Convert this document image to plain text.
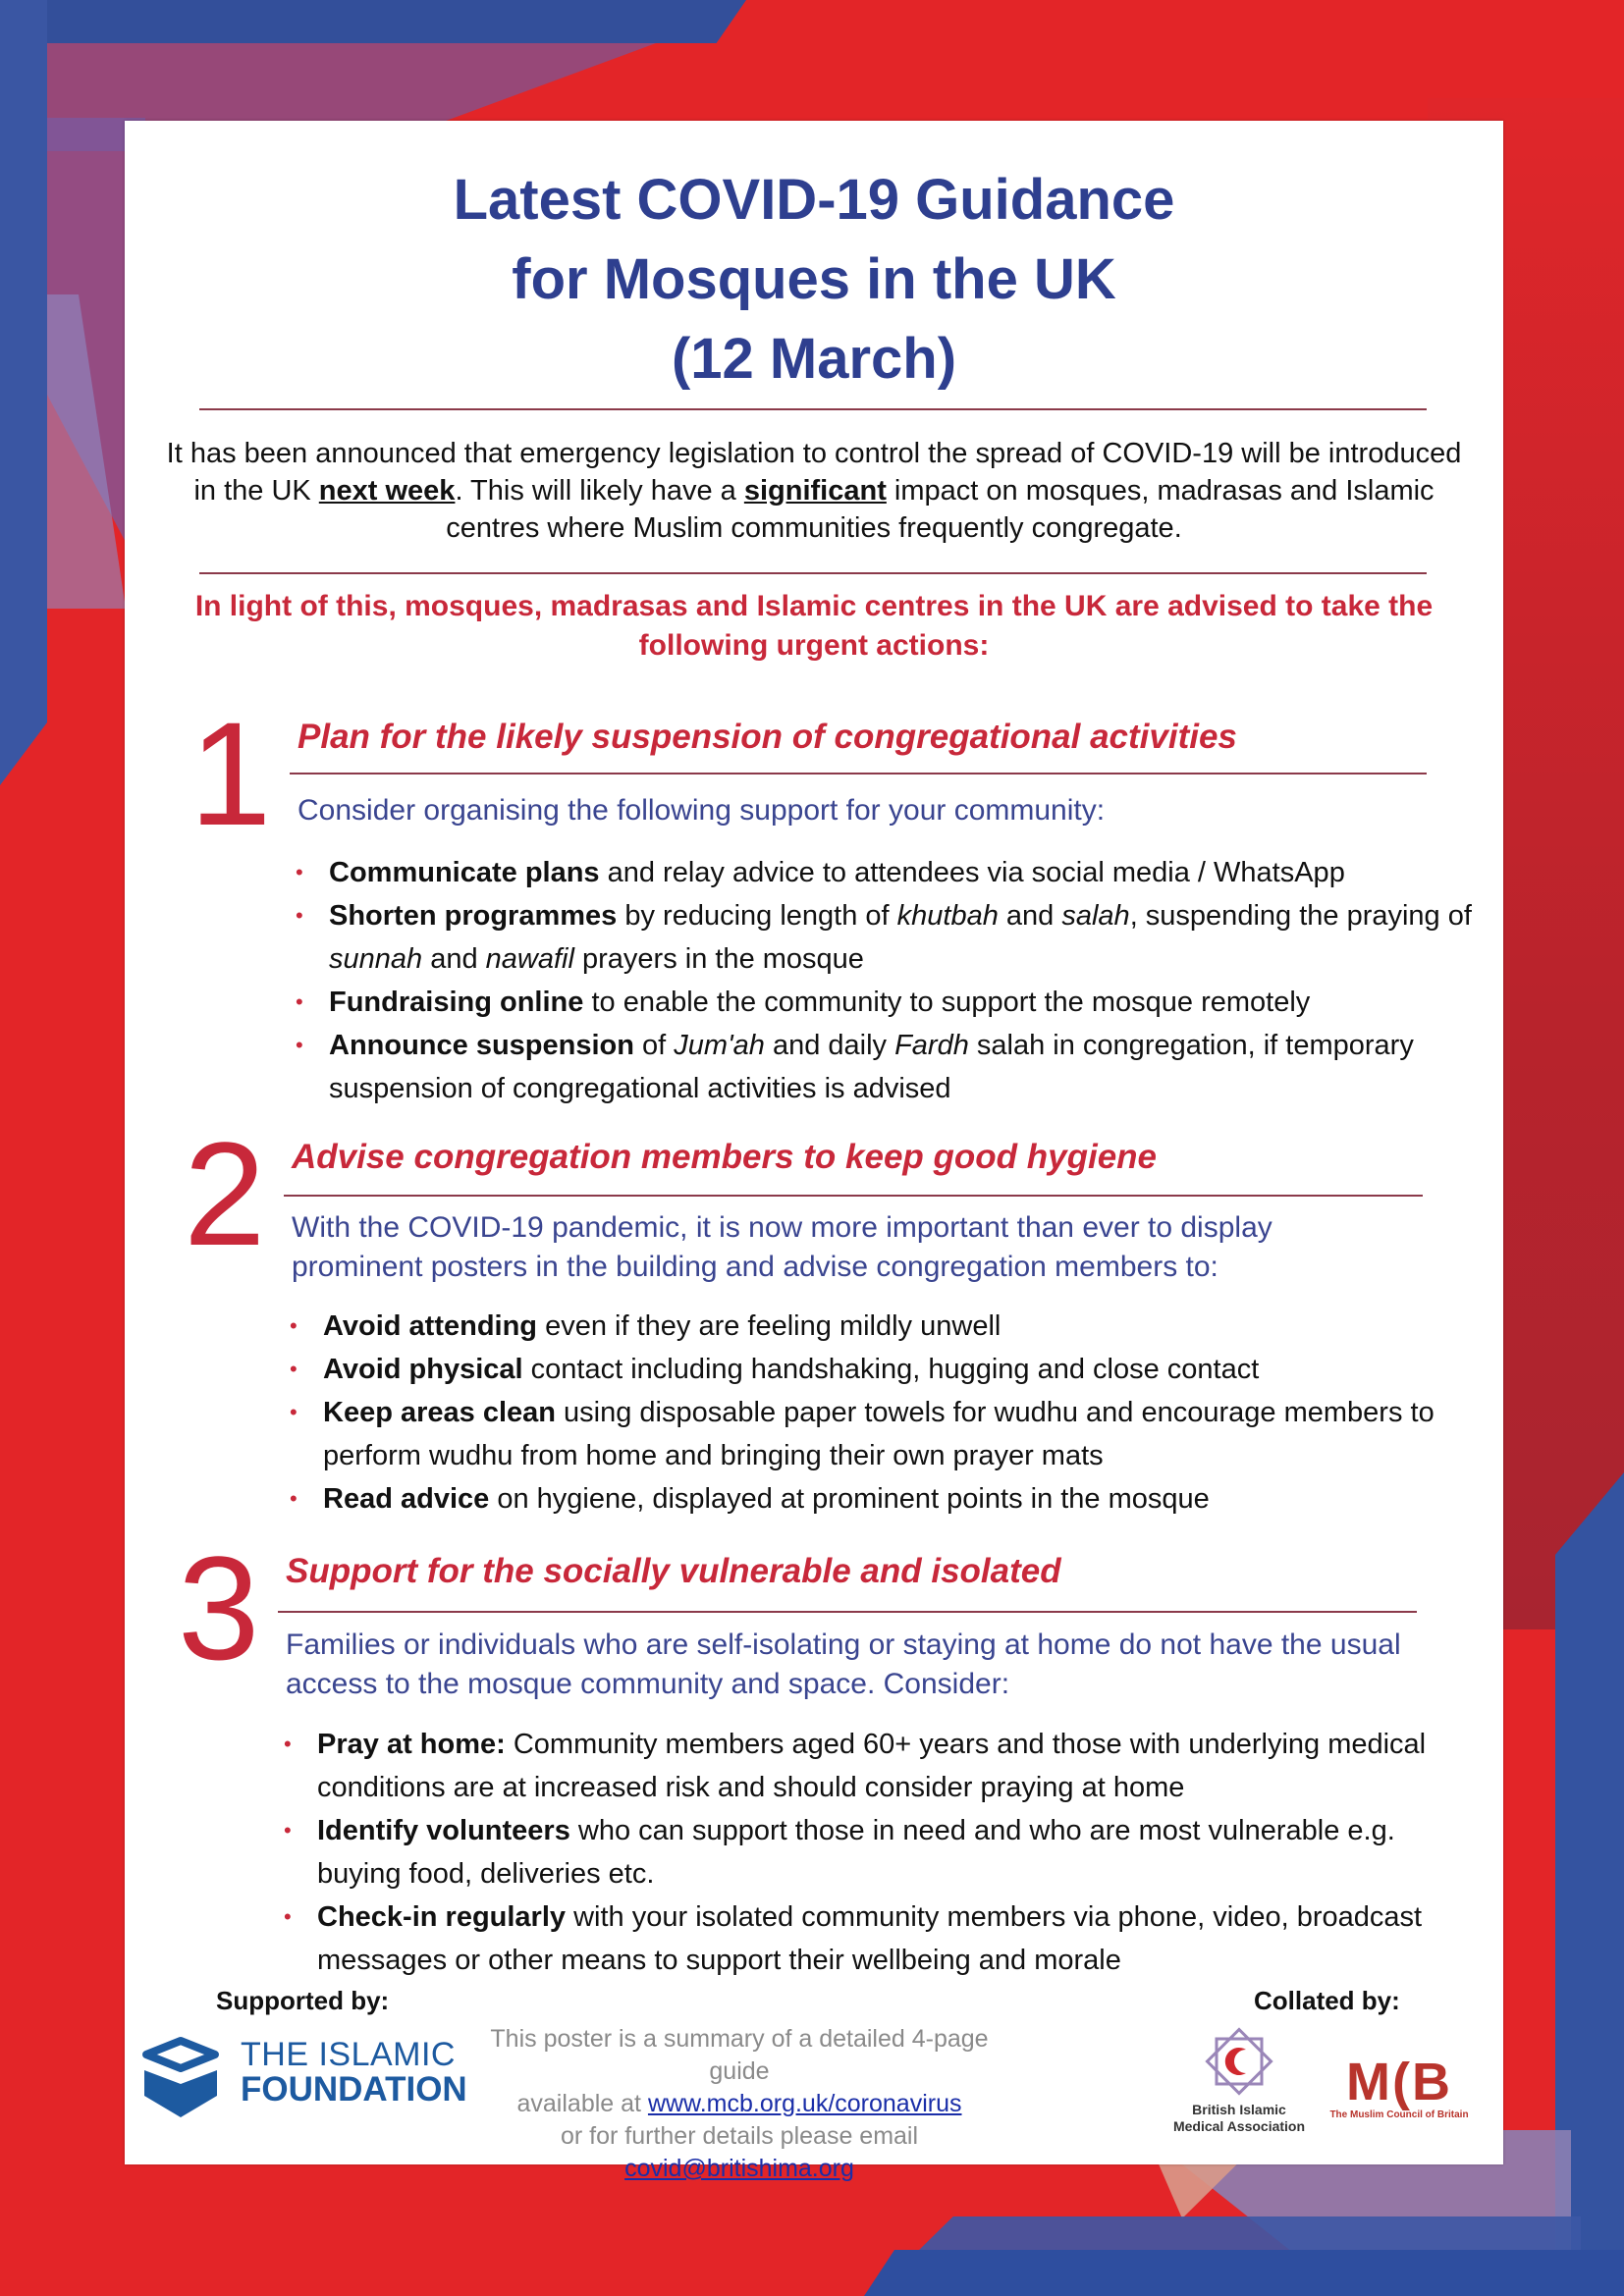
Latest COVID-19 Guidance
for Mosques in the UK
(12 March)
It has been announced that emergency legislation to control the spread of COVID-19 will be introduced in the UK next week. This will likely have a significant impact on mosques, madrasas and Islamic centres where Muslim communities frequently congregate.
In light of this, mosques, madrasas and Islamic centres in the UK are advised to take the following urgent actions:
1 Plan for the likely suspension of congregational activities
Consider organising the following support for your community:
• Communicate plans and relay advice to attendees via social media / WhatsApp
• Shorten programmes by reducing length of khutbah and salah, suspending the praying of sunnah and nawafil prayers in the mosque
• Fundraising online to enable the community to support the mosque remotely
• Announce suspension of Jum'ah and daily Fardh salah in congregation, if temporary suspension of congregational activities is advised
2 Advise congregation members to keep good hygiene
With the COVID-19 pandemic, it is now more important than ever to display prominent posters in the building and advise congregation members to:
• Avoid attending even if they are feeling mildly unwell
• Avoid physical contact including handshaking, hugging and close contact
• Keep areas clean using disposable paper towels for wudhu and encourage members to perform wudhu from home and bringing their own prayer mats
• Read advice on hygiene, displayed at prominent points in the mosque
3 Support for the socially vulnerable and isolated
Families or individuals who are self-isolating or staying at home do not have the usual access to the mosque community and space. Consider:
• Pray at home: Community members aged 60+ years and those with underlying medical conditions are at increased risk and should consider praying at home
• Identify volunteers who can support those in need and who are most vulnerable e.g. buying food, deliveries etc.
• Check-in regularly with your isolated community members via phone, video, broadcast messages or other means to support their wellbeing and morale
Supported by:	Collated by:
THE ISLAMIC
FOUNDATION
This poster is a summary of a detailed 4-page guide
available at www.mcb.org.uk/coronavirus
or for further details please email covid@britishima.org
British Islamic
Medical Association
M(B
The Muslim Council of Britain
